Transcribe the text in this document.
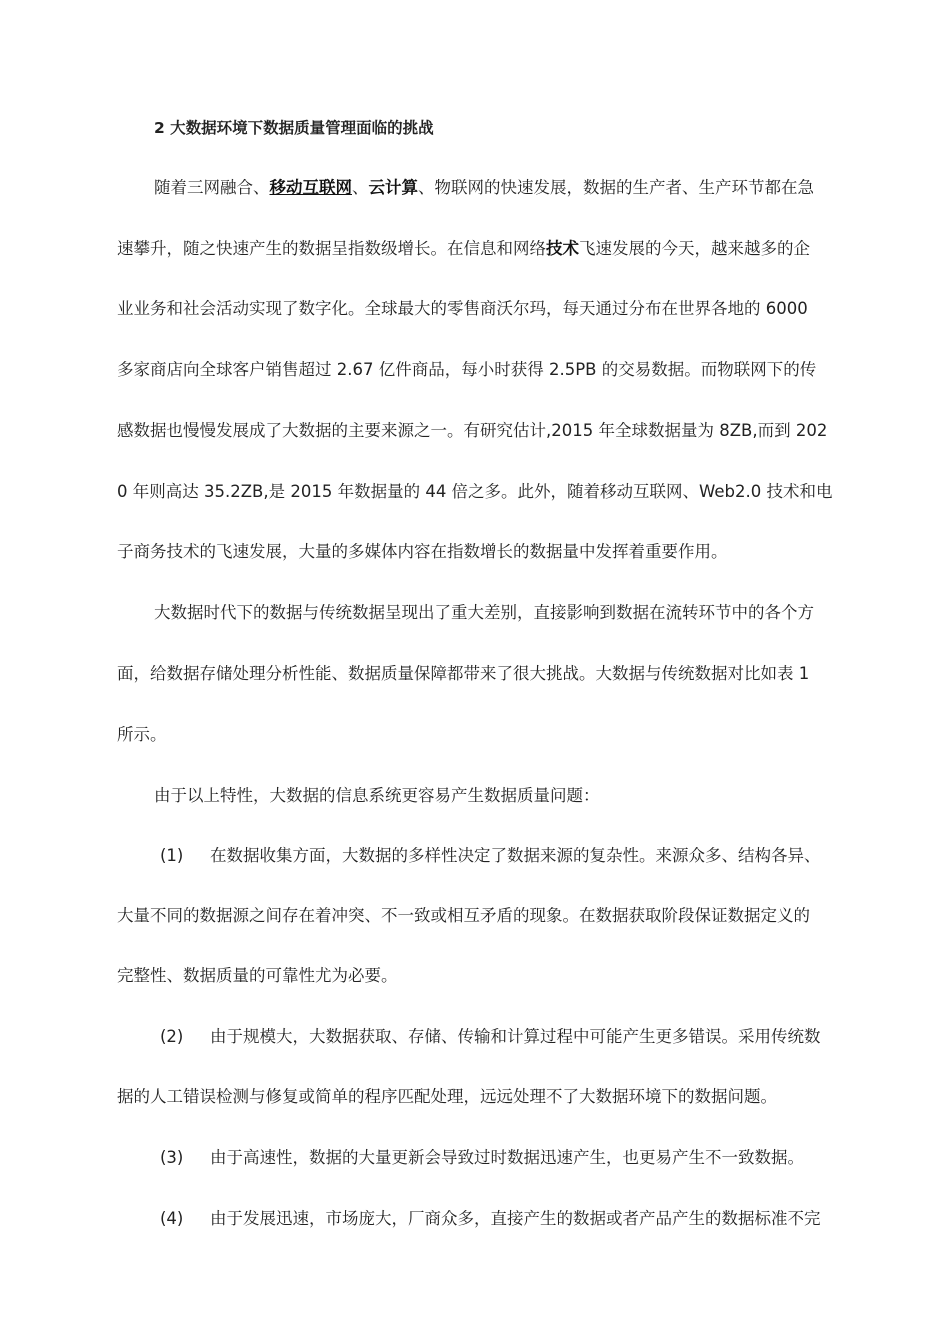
2 大数据环境下数据质量管理面临的挑战
随着三网融合、移动互联网、云计算、物联网的快速发展，数据的生产者、生产环节都在急
速攀升，随之快速产生的数据呈指数级增长。在信息和网络技术飞速发展的今天，越来越多的企
业业务和社会活动实现了数字化。全球最大的零售商沃尔玛，每天通过分布在世界各地的 6000
多家商店向全球客户销售超过 2.67 亿件商品，每小时获得 2.5PB 的交易数据。而物联网下的传
感数据也慢慢发展成了大数据的主要来源之一。有研究估计,2015 年全球数据量为 8ZB,而到 202
0 年则高达 35.2ZB,是 2015 年数据量的 44 倍之多。此外，随着移动互联网、Web2.0 技术和电
子商务技术的飞速发展，大量的多媒体内容在指数增长的数据量中发挥着重要作用。
大数据时代下的数据与传统数据呈现出了重大差别，直接影响到数据在流转环节中的各个方
面，给数据存储处理分析性能、数据质量保障都带来了很大挑战。大数据与传统数据对比如表 1
所示。
由于以上特性，大数据的信息系统更容易产生数据质量问题：
(1) 在数据收集方面，大数据的多样性决定了数据来源的复杂性。来源众多、结构各异、
大量不同的数据源之间存在着冲突、不一致或相互矛盾的现象。在数据获取阶段保证数据定义的
完整性、数据质量的可靠性尤为必要。
(2) 由于规模大，大数据获取、存储、传输和计算过程中可能产生更多错误。采用传统数
据的人工错误检测与修复或简单的程序匹配处理，远远处理不了大数据环境下的数据问题。
(3) 由于高速性，数据的大量更新会导致过时数据迅速产生，也更易产生不一致数据。
(4) 由于发展迅速，市场庞大，厂商众多，直接产生的数据或者产品产生的数据标准不完
